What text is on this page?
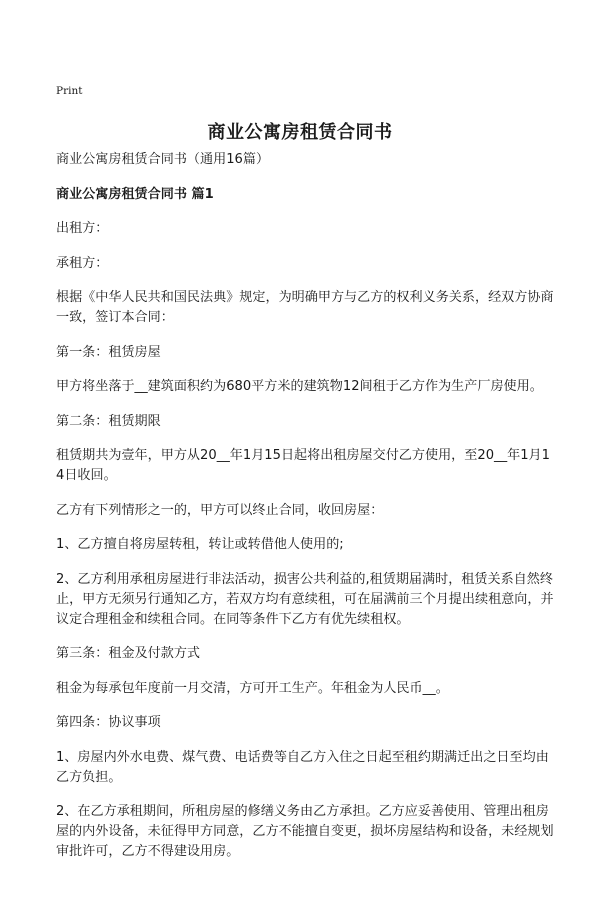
Print
商业公寓房租赁合同书

商业公寓房租赁合同书（通用16篇）

商业公寓房租赁合同书 篇1

出租方：

承租方：

根据《中华人民共和国民法典》规定，为明确甲方与乙方的权利义务关系，经双方协商一致，签订本合同：

第一条：租赁房屋

甲方将坐落于__建筑面积约为680平方米的建筑物12间租于乙方作为生产厂房使用。

第二条：租赁期限

租赁期共为壹年，甲方从20__年1月15日起将出租房屋交付乙方使用，至20__年1月14日收回。

乙方有下列情形之一的，甲方可以终止合同，收回房屋：

1、乙方擅自将房屋转租，转让或转借他人使用的;

2、乙方利用承租房屋进行非法活动，损害公共利益的,租赁期届满时，租赁关系自然终止，甲方无须另行通知乙方，若双方均有意续租，可在届满前三个月提出续租意向，并议定合理租金和续租合同。在同等条件下乙方有优先续租权。

第三条：租金及付款方式

租金为每承包年度前一月交清，方可开工生产。年租金为人民币__。

第四条：协议事项

1、房屋内外水电费、煤气费、电话费等自乙方入住之日起至租约期满迁出之日至均由乙方负担。

2、在乙方承租期间，所租房屋的修缮义务由乙方承担。乙方应妥善使用、管理出租房屋的内外设备，未征得甲方同意，乙方不能擅自变更，损坏房屋结构和设备，未经规划审批许可，乙方不得建设用房。
